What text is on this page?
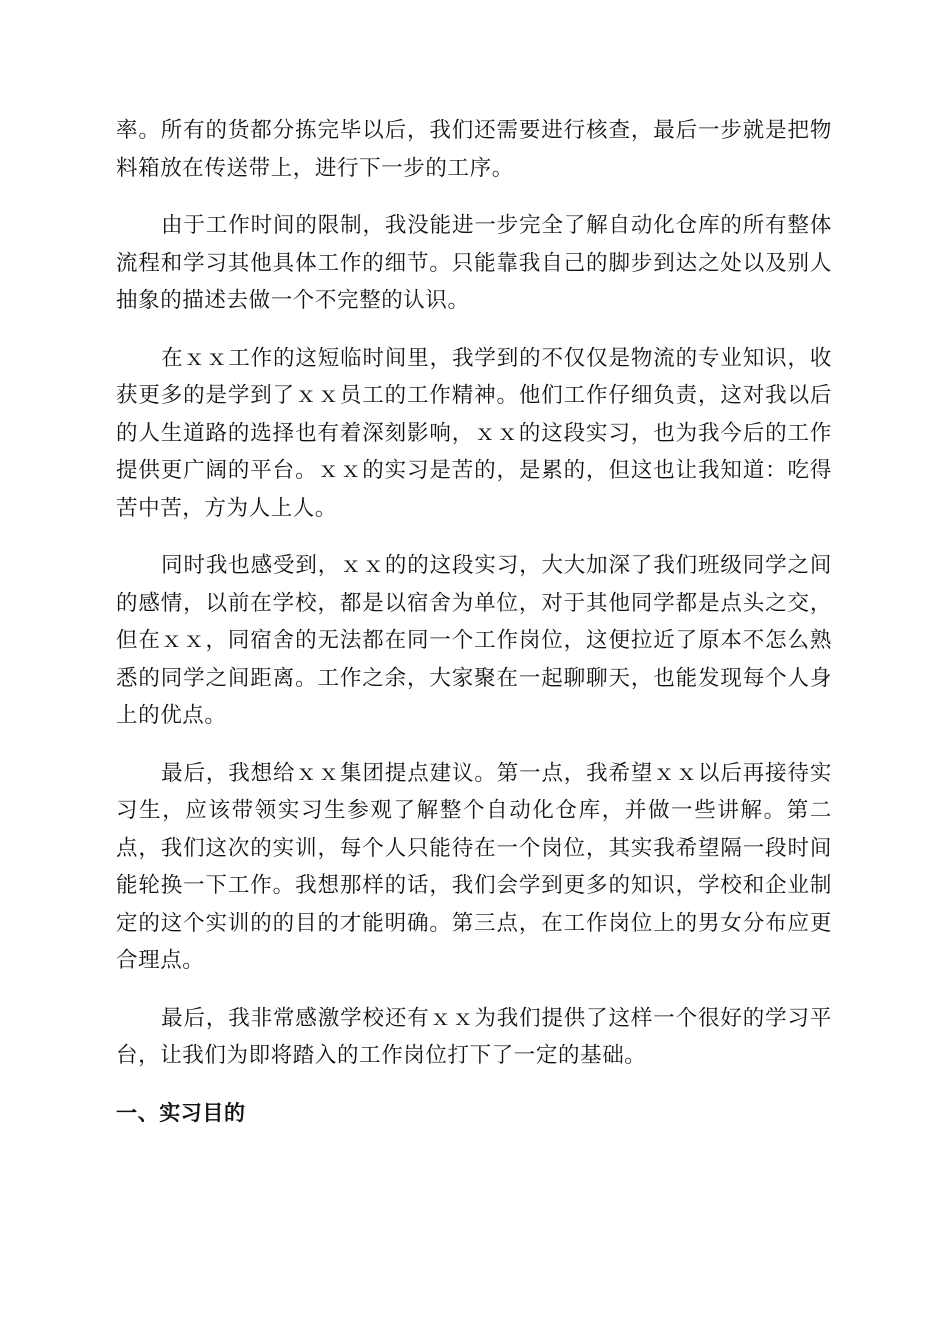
率。所有的货都分拣完毕以后，我们还需要进行核查，最后一步就是把物料箱放在传送带上，进行下一步的工序。

由于工作时间的限制，我没能进一步完全了解自动化仓库的所有整体流程和学习其他具体工作的细节。只能靠我自己的脚步到达之处以及别人抽象的描述去做一个不完整的认识。

在ｘｘ工作的这短临时间里，我学到的不仅仅是物流的专业知识，收获更多的是学到了ｘｘ员工的工作精神。他们工作仔细负责，这对我以后的人生道路的选择也有着深刻影响，ｘｘ的这段实习，也为我今后的工作提供更广阔的平台。ｘｘ的实习是苦的，是累的，但这也让我知道：吃得苦中苦，方为人上人。

同时我也感受到，ｘｘ的的这段实习，大大加深了我们班级同学之间的感情，以前在学校，都是以宿舍为单位，对于其他同学都是点头之交，但在ｘｘ，同宿舍的无法都在同一个工作岗位，这便拉近了原本不怎么熟悉的同学之间距离。工作之余，大家聚在一起聊聊天，也能发现每个人身上的优点。

最后，我想给ｘｘ集团提点建议。第一点，我希望ｘｘ以后再接待实习生，应该带领实习生参观了解整个自动化仓库，并做一些讲解。第二点，我们这次的实训，每个人只能待在一个岗位，其实我希望隔一段时间能轮换一下工作。我想那样的话，我们会学到更多的知识，学校和企业制定的这个实训的的目的才能明确。第三点，在工作岗位上的男女分布应更合理点。

最后，我非常感激学校还有ｘｘ为我们提供了这样一个很好的学习平台，让我们为即将踏入的工作岗位打下了一定的基础。

一、实习目的
